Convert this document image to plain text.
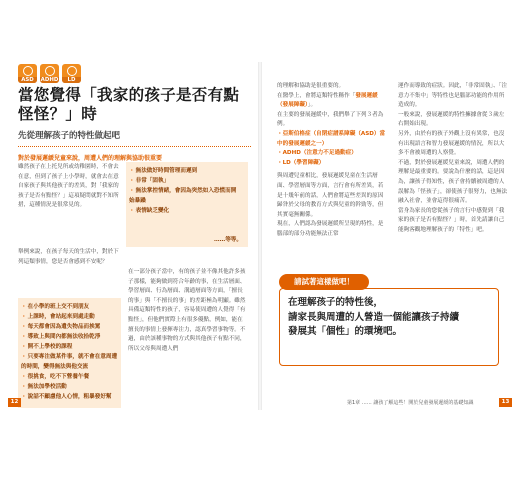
ASD	ADHD	LD
當您覺得「我家的孩子是否有點
怪怪？」時
先從理解孩子的特性做起吧
對於發展遲緩兒童來說，周遭人們的理解與協助很重要

雖然孩子在上托兒所或幼稚園時，不會去在意，但到了孩子上小學時，就會去在意自家孩子與其他孩子的差異，對「我家的孩子是否有點怪？」這項疑問就對不知所措，這種情況是很常見的。

舉例來說，在孩子每天的生活中，對於下列這類事情，您是否會感到不安呢？

・無法做好時間管理而遲到
・非常「固執」
・無法掌控情緒，會因為突然如入恐慌而開始暴躁
・表情缺乏變化
……等等。
・在小學的班上交不到朋友
・上課時，會站起來到處走動
・每天都會因為遺失物品而挨罵
・導致上與間內都無法收拾乾淨
・開不上學校的課程
・只要專注做某件事，就不會在意周遭的時間，變得無法與他交流
・很挑食，吃不下營養午餐
・無法加學校活動
・說話不顧慮他人心情，粗暴發好幫

在一部分孩子當中，有的孩子並不像其他許多孩子那樣，能夠做到符合年齡的事，在生活層面、學習層面、行為層面、溝通層面等方面，「擅長的事」與「不擅長的事」的差距極為明顯。雖然具備這類特性的孩子，容易使周遭的人覺得「有點怪」，但他們實際上有很多優點，例如，能在擅長的事情上發揮專注力，認真學習事物等。不過，由於該種事物的方式與其他孩子有點不同，所以父母與周遭人們

12

的理解和協助是很重要的。

在醫學上，會將這類特性稱作「發展遲緩（發展障礙）」。

在主要的發展遲緩中，我們舉了下列３者為例。

・亞斯伯格症（自閉症譜系障礙（ASD）當中的發展遲緩之一）
・ADHD（注意力不足過動症）
・LD（學習障礙）

與周遭兒童相比，發展遲緩兒童在生活層面、學習層面等方面，言行會有所差異，若是十幾年前的話，人們會將這些差異的原因歸咎於父母的教育方式與兒童的幹勁等，但其實毫無關係。

現在，人們認為發展遲緩所呈現的特性，是腦部的部分功能無法正常

運作而導致的症狀。因此，「非常固執」、「注意力不集中」等特性也是腦部功能的作用所造成的。

一般來說，發展遲緩的特性擁據會從３歲左右開始出現。

另外，由於有的孩子外觀上沒有異常，也沒有出現語言和智力發展遲緩的情況，所以大多不會被周遭的人察覺。

不過，對於發展遲緩兒童來說，周遭人們的理解是最重要的。要說為什麼的話，這是因為，讓孩子得知性，孩子會持續被周遭的人誤解為「怪孩子」，卻使孩子很努力，也無法融入社會，並會這得很痛苦。

當身為家長的您從孩子的言行中感覺到「我家的孩子是否有點怪？」時，首先請讓自己能夠客觀地理解孩子的「特性」吧。

在理解孩子的特性後，

請家長與周遭的人營造一個能讓孩子持續

發展其「個性」的環境吧。

請試著這樣做吧！
第1章 …… 讓孩了解這些！開於兒童發展遲緩的基礎知識	13
